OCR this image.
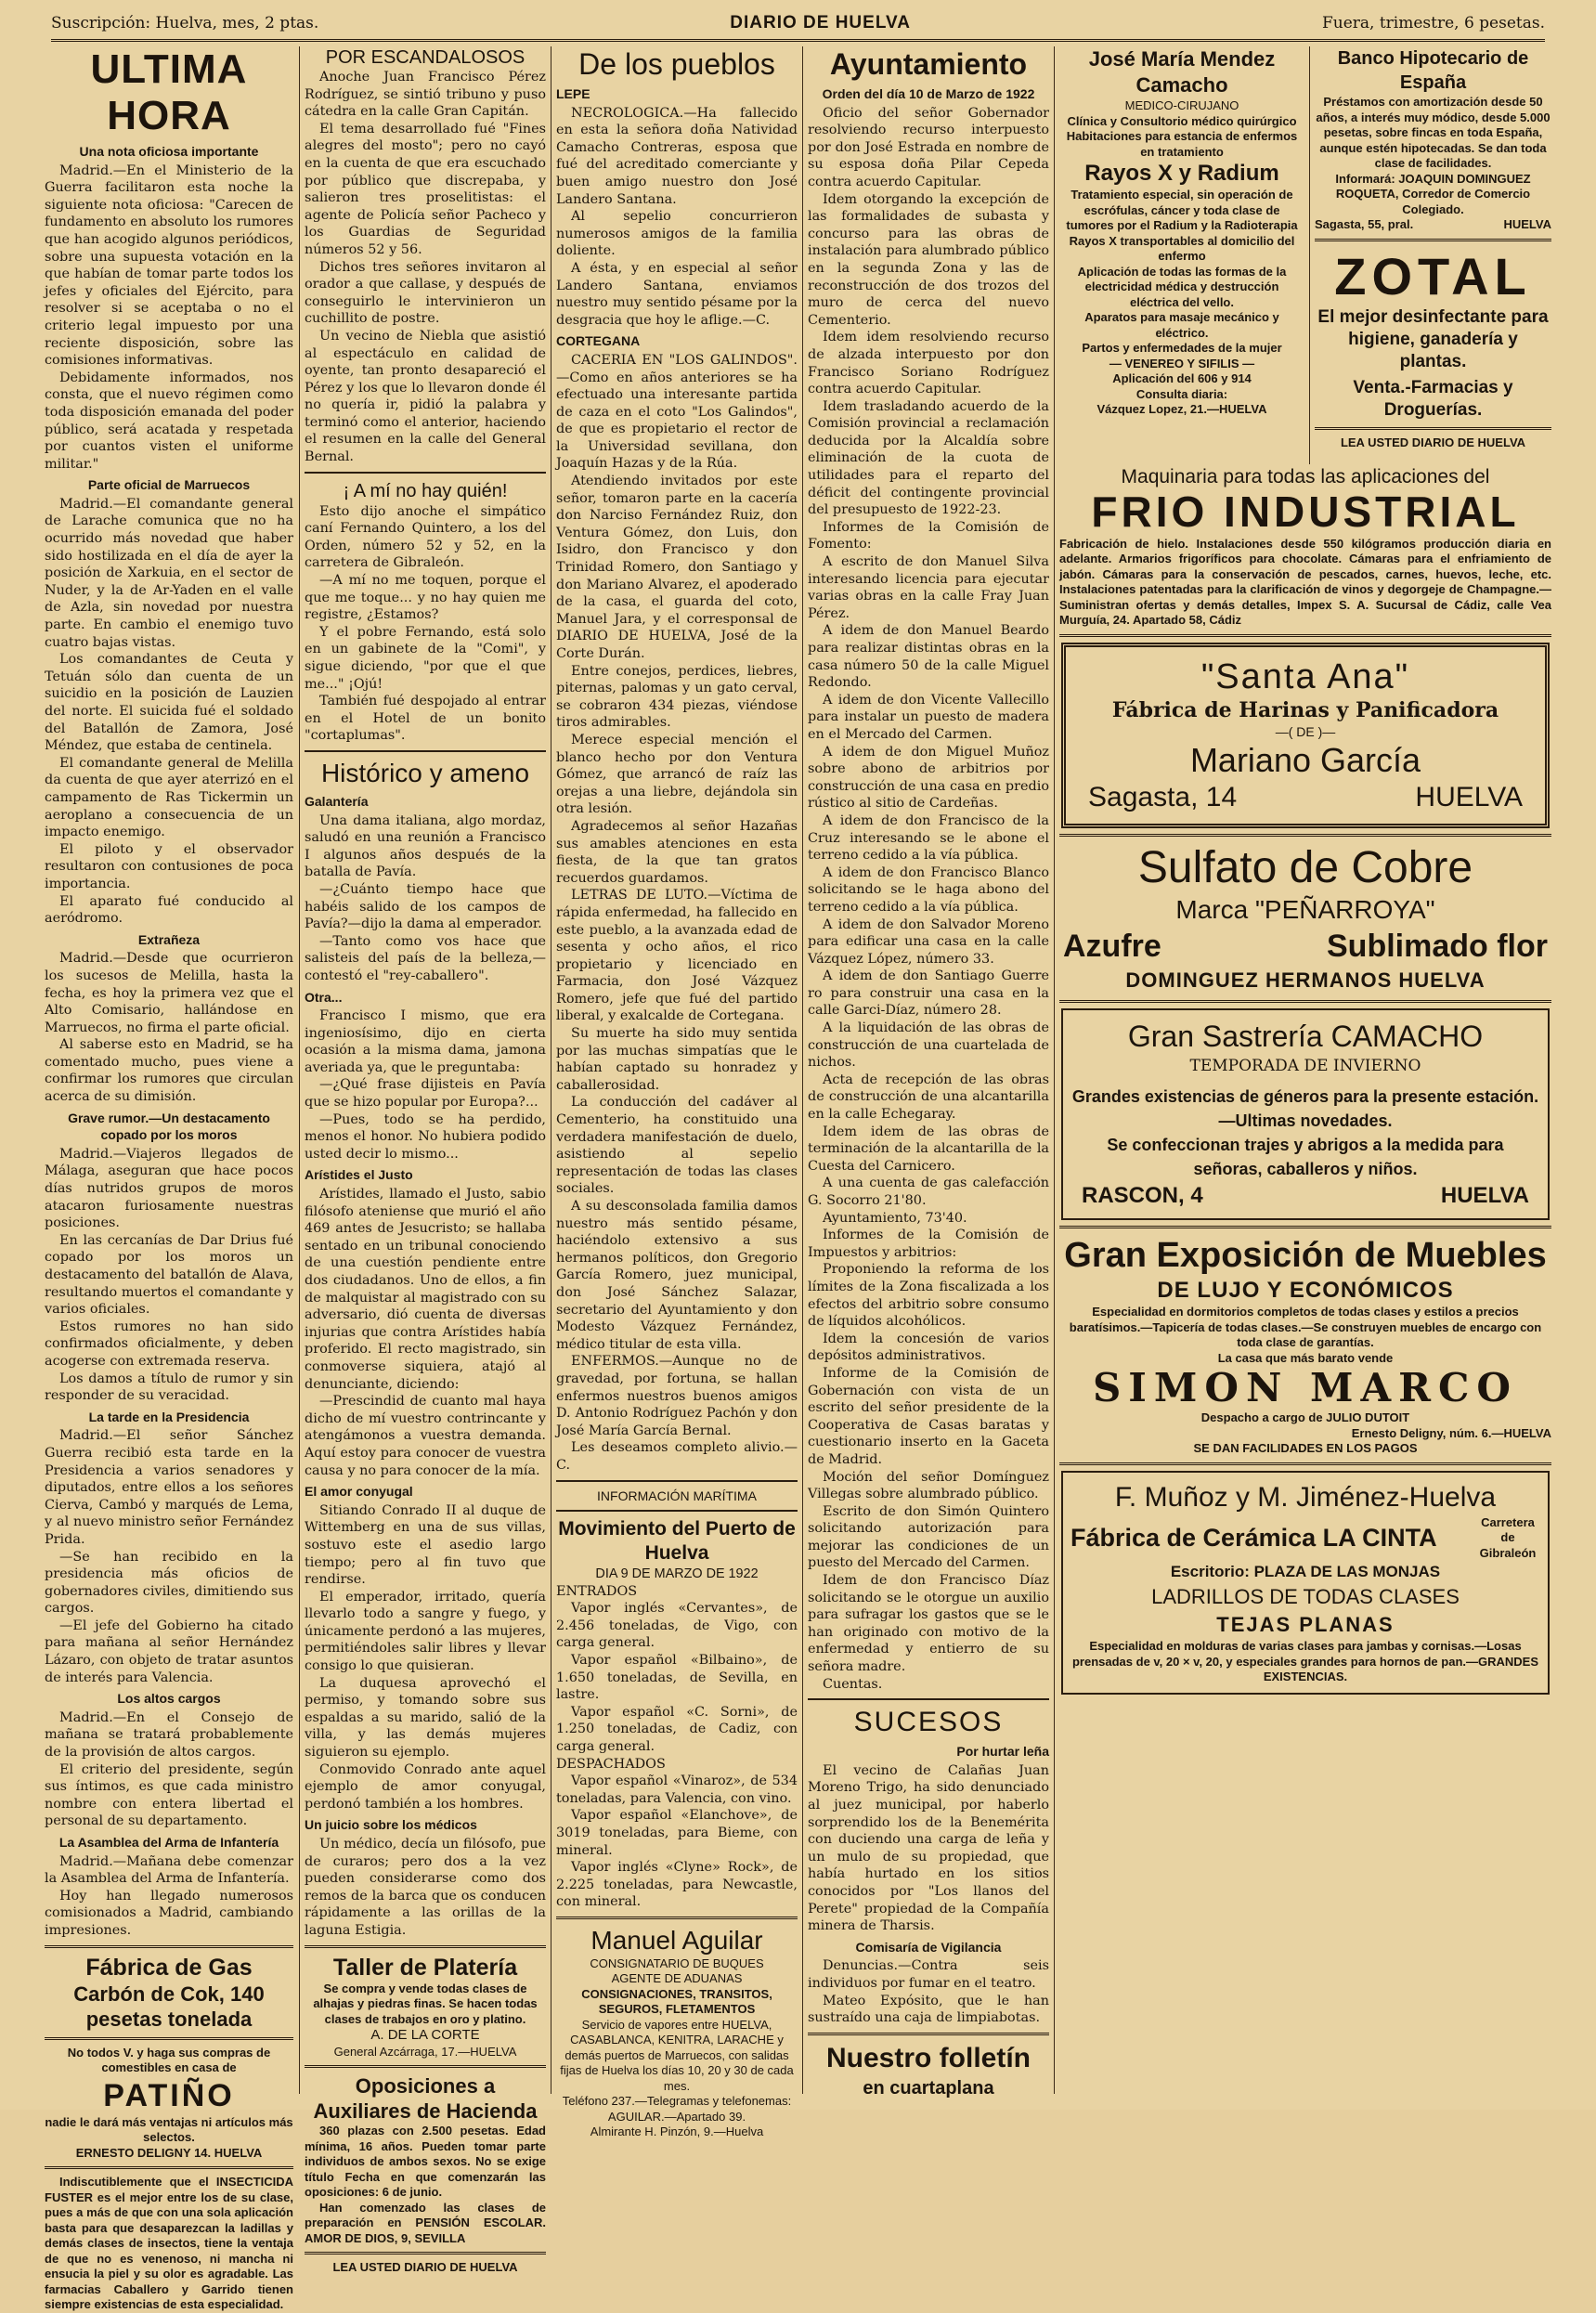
Suscripción: Huelva, mes, 2 ptas.	DIARIO DE HUELVA	Fuera, trimestre, 6 pesetas.
ULTIMA HORA
Una nota oficiosa importante

Madrid.—En el Ministerio de la Guerra facilitaron esta noche la siguiente nota oficiosa: "Carecen de fundamento en absoluto los rumores que han acogido algunos periódicos, sobre una supuesta votación en la que habían de tomar parte todos los jefes y oficiales del Ejército, para resolver si se aceptaba o no el criterio legal impuesto por una reciente disposición, sobre las comisiones informativas.

Debidamente informados, nos consta, que el nuevo régimen como toda disposición emanada del poder público, será acatada y respetada por cuantos visten el uniforme militar."

Parte oficial de Marruecos

Madrid.—El comandante general de Larache comunica que no ha ocurrido más novedad que haber sido hostilizada en el día de ayer la posición de Xarkuia, en el sector de Nuder, y la de Ar-Yaden en el valle de Azla, sin novedad por nuestra parte. En cambio el enemigo tuvo cuatro bajas vistas.

Los comandantes de Ceuta y Tetuán sólo dan cuenta de un suicidio en la posición de Lauzien del norte. El suicida fué el soldado del Batallón de Zamora, José Méndez, que estaba de centinela.

El comandante general de Melilla da cuenta de que ayer aterrizó en el campamento de Ras Tickermin un aeroplano a consecuencia de un impacto enemigo.

El piloto y el observador resultaron con contusiones de poca importancia.

El aparato fué conducido al aeródromo.

Extrañeza

Madrid.—Desde que ocurrieron los sucesos de Melilla, hasta la fecha, es hoy la primera vez que el Alto Comisario, hallándose en Marruecos, no firma el parte oficial.

Al saberse esto en Madrid, se ha comentado mucho, pues viene a confirmar los rumores que circulan acerca de su dimisión.

Grave rumor.—Un destacamento copado por los moros

Madrid.—Viajeros llegados de Málaga, aseguran que hace pocos días nutridos grupos de moros atacaron furiosamente nuestras posiciones.

En las cercanías de Dar Drius fué copado por los moros un destacamento del batallón de Alava, resultando muertos el comandante y varios oficiales.

Estos rumores no han sido confirmados oficialmente, y deben acogerse con extremada reserva.

Los damos a título de rumor y sin responder de su veracidad.

La tarde en la Presidencia

Madrid.—El señor Sánchez Guerra recibió esta tarde en la Presidencia a varios senadores y diputados, entre ellos a los señores Cierva, Cambó y marqués de Lema, y al nuevo ministro señor Fernández Prida.

—Se han recibido en la presidencia más oficios de gobernadores civiles, dimitiendo sus cargos.

—El jefe del Gobierno ha citado para mañana al señor Hernández Lázaro, con objeto de tratar asuntos de interés para Valencia.

Los altos cargos

Madrid.—En el Consejo de mañana se tratará probablemente de la provisión de altos cargos.

El criterio del presidente, según sus íntimos, es que cada ministro nombre con entera libertad el personal de su departamento.

La Asamblea del Arma de Infantería

Madrid.—Mañana debe comenzar la Asamblea del Arma de Infantería.

Hoy han llegado numerosos comisionados a Madrid, cambiando impresiones.

Fábrica de Gas
Carbón de Cok, 140 pesetas tonelada
No todos V. y haga sus compras de comestibles en casa de
PATIÑO
nadie le dará más ventajas ni artículos más selectos.
ERNESTO DELIGNY 14. HUELVA

Indiscutiblemente que el INSECTICIDA FUSTER es el mejor entre los de su clase, pues a más de que con una sola aplicación basta para que desaparezcan la ladillas y demás clases de insectos, tiene la ventaja de que no es venenoso, ni mancha ni ensucia la piel y su olor es agradable. Las farmacias Caballero y Garrido tienen siempre existencias de esta especialidad.

POR ESCANDALOSOS

Anoche Juan Francisco Pérez Rodríguez, se sintió tribuno y puso cátedra en la calle Gran Capitán.

El tema desarrollado fué "Fines alegres del mosto"; pero no cayó en la cuenta de que era escuchado por público que discrepaba, y salieron tres proselitistas: el agente de Policía señor Pacheco y los Guardias de Seguridad números 52 y 56.

Dichos tres señores invitaron al orador a que callase, y después de conseguirlo le intervinieron un cuchillito de postre.

Un vecino de Niebla que asistió al espectáculo en calidad de oyente, tan pronto desapareció el Pérez y los que lo llevaron donde él no quería ir, pidió la palabra y terminó como el anterior, haciendo el resumen en la calle del General Bernal.

¡ A mí no hay quién!

Esto dijo anoche el simpático caní Fernando Quintero, a los del Orden, número 52 y 52, en la carretera de Gibraleón.

—A mí no me toquen, porque el que me toque... y no hay quien me registre, ¿Estamos?

Y el pobre Fernando, está solo en un gabinete de la "Comi", y sigue diciendo, "por que el que me..." ¡Ojú!

También fué despojado al entrar en el Hotel de un bonito "cortaplumas".

Histórico y ameno
Galantería

Una dama italiana, algo mordaz, saludó en una reunión a Francisco I algunos años después de la batalla de Pavía.

—¿Cuánto tiempo hace que habéis salido de los campos de Pavía?—dijo la dama al emperador.

—Tanto como vos hace que salisteis del país de la belleza,—contestó el "rey-caballero".

Otra...

Francisco I mismo, que era ingeniosísimo, dijo en cierta ocasión a la misma dama, jamona averiada ya, que le preguntaba:

—¿Qué frase dijisteis en Pavía que se hizo popular por Europa?...

—Pues, todo se ha perdido, menos el honor. No hubiera podido usted decir lo mismo...

Arístides el Justo

Arístides, llamado el Justo, sabio filósofo ateniense que murió el año 469 antes de Jesucristo; se hallaba sentado en un tribunal conociendo de una cuestión pendiente entre dos ciudadanos. Uno de ellos, a fin de malquistar al magistrado con su adversario, dió cuenta de diversas injurias que contra Arístides había proferido. El recto magistrado, sin conmoverse siquiera, atajó al denunciante, diciendo:

—Prescindid de cuanto mal haya dicho de mí vuestro contrincante y atengámonos a vuestra demanda. Aquí estoy para conocer de vuestra causa y no para conocer de la mía.

El amor conyugal

Sitiando Conrado II al duque de Wittemberg en una de sus villas, sostuvo este el asedio largo tiempo; pero al fin tuvo que rendirse.

El emperador, irritado, quería llevarlo todo a sangre y fuego, y únicamente perdonó a las mujeres, permitiéndoles salir libres y llevar consigo lo que quisieran.

La duquesa aprovechó el permiso, y tomando sobre sus espaldas a su marido, salió de la villa, y las demás mujeres siguieron su ejemplo.

Conmovido Conrado ante aquel ejemplo de amor conyugal, perdonó también a los hombres.

Un juicio sobre los médicos

Un médico, decía un filósofo, pue de curaros; pero dos a la vez pueden considerarse como dos remos de la barca que os conducen rápidamente a las orillas de la laguna Estigia.

Taller de Platería
Se compra y vende todas clases de alhajas y piedras finas. Se hacen todas clases de trabajos en oro y platino.
A. DE LA CORTE
General Azcárraga, 17.—HUELVA
Oposiciones a Auxiliares de Hacienda

360 plazas con 2.500 pesetas. Edad mínima, 16 años. Pueden tomar parte individuos de ambos sexos. No se exige título Fecha en que comenzarán las oposiciones: 6 de junio.

Han comenzado las clases de preparación en PENSIÓN ESCOLAR. AMOR DE DIOS, 9, SEVILLA

LEA USTED DIARIO DE HUELVA
De los pueblos
LEPE

NECROLOGICA.—Ha fallecido en esta la señora doña Natividad Camacho Contreras, esposa que fué del acreditado comerciante y buen amigo nuestro don José Landero Santana.

Al sepelio concurrieron numerosos amigos de la familia doliente.

A ésta, y en especial al señor Landero Santana, enviamos nuestro muy sentido pésame por la desgracia que hoy le aflige.—C.

CORTEGANA

CACERIA EN "LOS GALINDOS".—Como en años anteriores se ha efectuado una interesante partida de caza en el coto "Los Galindos", de que es propietario el rector de la Universidad sevillana, don Joaquín Hazas y de la Rúa.

Atendiendo invitados por este señor, tomaron parte en la cacería don Narciso Fernández Ruiz, don Ventura Gómez, don Luis, don Isidro, don Francisco y don Trinidad Romero, don Santiago y don Mariano Alvarez, el apoderado de la casa, el guarda del coto, Manuel Jara, y el corresponsal de DIARIO DE HUELVA, José de la Corte Durán.

Entre conejos, perdices, liebres, piternas, palomas y un gato cerval, se cobraron 434 piezas, viéndose tiros admirables.

Merece especial mención el blanco hecho por don Ventura Gómez, que arrancó de raíz las orejas a una liebre, dejándola sin otra lesión.

Agradecemos al señor Hazañas sus amables atenciones en esta fiesta, de la que tan gratos recuerdos guardamos.

LETRAS DE LUTO.—Víctima de rápida enfermedad, ha fallecido en este pueblo, a la avanzada edad de sesenta y ocho años, el rico propietario y licenciado en Farmacia, don José Vázquez Romero, jefe que fué del partido liberal, y exalcalde de Cortegana.

Su muerte ha sido muy sentida por las muchas simpatías que le habían captado su honradez y caballerosidad.

La conducción del cadáver al Cementerio, ha constituido una verdadera manifestación de duelo, asistiendo al sepelio representación de todas las clases sociales.

A su desconsolada familia damos nuestro más sentido pésame, haciéndolo extensivo a sus hermanos políticos, don Gregorio García Romero, juez municipal, don José Sánchez Salazar, secretario del Ayuntamiento y don Modesto Vázquez Fernández, médico titular de esta villa.

ENFERMOS.—Aunque no de gravedad, por fortuna, se hallan enfermos nuestros buenos amigos D. Antonio Rodríguez Pachón y don José María García Bernal.

Les deseamos completo alivio.—C.

INFORMACIÓN MARÍTIMA
Movimiento del Puerto de Huelva
DIA 9 DE MARZO DE 1922
ENTRADOS

Vapor inglés «Cervantes», de 2.456 toneladas, de Vigo, con carga general.

Vapor español «Bilbaino», de 1.650 toneladas, de Sevilla, en lastre.

Vapor español «C. Sorni», de 1.250 toneladas, de Cadiz, con carga general.

DESPACHADOS

Vapor español «Vinaroz», de 534 toneladas, para Valencia, con vino.

Vapor español «Elanchove», de 3019 toneladas, para Bieme, con mineral.

Vapor inglés «Clyne» Rock», de 2.225 toneladas, para Newcastle, con mineral.

Manuel Aguilar
CONSIGNATARIO DE BUQUES
AGENTE DE ADUANAS
CONSIGNACIONES, TRANSITOS, SEGUROS, FLETAMENTOS
Servicio de vapores entre HUELVA, CASABLANCA, KENITRA, LARACHE y demás puertos de Marruecos, con salidas fijas de Huelva los días 10, 20 y 30 de cada mes.
Teléfono 237.—Telegramas y telefonemas: AGUILAR.—Apartado 39.
Almirante H. Pinzón, 9.—Huelva
Ayuntamiento
Orden del día 10 de Marzo de 1922

Oficio del señor Gobernador resolviendo recurso interpuesto por don José Estrada en nombre de su esposa doña Pilar Cepeda contra acuerdo Capitular.

Idem otorgando la excepción de las formalidades de subasta y concurso para las obras de instalación para alumbrado público en la segunda Zona y las de reconstrucción de dos trozos del muro de cerca del nuevo Cementerio.

Idem idem resolviendo recurso de alzada interpuesto por don Francisco Soriano Rodríguez contra acuerdo Capitular.

Idem trasladando acuerdo de la Comisión provincial a reclamación deducida por la Alcaldía sobre eliminación de la cuota de utilidades para el reparto del déficit del contingente provincial del presupuesto de 1922-23.

Informes de la Comisión de Fomento:

A escrito de don Manuel Silva interesando licencia para ejecutar varias obras en la calle Fray Juan Pérez.

A idem de don Manuel Beardo para realizar distintas obras en la casa número 50 de la calle Miguel Redondo.

A idem de don Vicente Vallecillo para instalar un puesto de madera en el Mercado del Carmen.

A idem de don Miguel Muñoz sobre abono de arbitrios por construcción de una casa en predio rústico al sitio de Cardeñas.

A idem de don Francisco de la Cruz interesando se le abone el terreno cedido a la vía pública.

A idem de don Francisco Blanco solicitando se le haga abono del terreno cedido a la vía pública.

A idem de don Salvador Moreno para edificar una casa en la calle Vázquez López, número 33.

A idem de don Santiago Guerre ro para construir una casa en la calle Garci-Díaz, número 28.

A la liquidación de las obras de construcción de una cuartelada de nichos.

Acta de recepción de las obras de construcción de una alcantarilla en la calle Echegaray.

Idem idem de las obras de terminación de la alcantarilla de la Cuesta del Carnicero.

A una cuenta de gas calefacción G. Socorro 21'80.

Ayuntamiento, 73'40.

Informes de la Comisión de Impuestos y arbitrios:

Proponiendo la reforma de los límites de la Zona fiscalizada a los efectos del arbitrio sobre consumo de líquidos alcohólicos.

Idem la concesión de varios depósitos administrativos.

Informe de la Comisión de Gobernación con vista de un escrito del señor presidente de la Cooperativa de Casas baratas y cuestionario inserto en la Gaceta de Madrid.

Moción del señor Domínguez Villegas sobre alumbrado público.

Escrito de don Simón Quintero solicitando autorización para mejorar las condiciones de un puesto del Mercado del Carmen.

Idem de don Francisco Díaz solicitando se le otorgue un auxilio para sufragar los gastos que se le han originado con motivo de la enfermedad y entierro de su señora madre.

Cuentas.

SUCESOS
Por hurtar leña

El vecino de Calañas Juan Moreno Trigo, ha sido denunciado al juez municipal, por haberlo sorprendido los de la Benemérita con duciendo una carga de leña y un mulo de su propiedad, que había hurtado en los sitios conocidos por "Los llanos del Perete" propiedad de la Compañía minera de Tharsis.

Comisaría de Vigilancia

Denuncias.—Contra seis individuos por fumar en el teatro.

Mateo Expósito, que le han sustraído una caja de limpiabotas.

Nuestro folletín
en cuartaplana
José María Mendez Camacho
MEDICO-CIRUJANO
Clínica y Consultorio médico quirúrgico
Habitaciones para estancia de enfermos en tratamiento
Rayos X y Radium
Tratamiento especial, sin operación de escrófulas, cáncer y toda clase de tumores por el Radium y la Radioterapia
Rayos X transportables al domicilio del enfermo
Aplicación de todas las formas de la electricidad médica y destrucción eléctrica del vello.
Aparatos para masaje mecánico y eléctrico.
Partos y enfermedades de la mujer
— VENEREO Y SIFILIS —
Aplicación del 606 y 914
Consulta diaria:
Vázquez Lopez, 21.—HUELVA
Banco Hipotecario de España
Préstamos con amortización desde 50 años, a interés muy módico, desde 5.000 pesetas, sobre fincas en toda España, aunque estén hipotecadas. Se dan toda clase de facilidades.
Informará: JOAQUIN DOMINGUEZ ROQUETA, Corredor de Comercio Colegiado.
Sagasta, 55, pral.	HUELVA
ZOTAL
El mejor desinfectante para higiene, ganadería y plantas.
Venta.-Farmacias y Droguerías.
LEA USTED DIARIO DE HUELVA
Maquinaria para todas las aplicaciones del
FRIO INDUSTRIAL

Fabricación de hielo. Instalaciones desde 550 kilógramos producción diaria en adelante. Armarios frigoríficos para chocolate. Cámaras para el enfriamiento de jabón. Cámaras para la conservación de pescados, carnes, huevos, leche, etc. Instalaciones patentadas para la clarificación de vinos y degorgeje de Champagne.—Suministran ofertas y demás detalles, Impex S. A. Sucursal de Cádiz, calle Vea Murguía, 24. Apartado 58, Cádiz

"Santa Ana"
Fábrica de Harinas y Panificadora
—( DE )—
Mariano García
Sagasta, 14	HUELVA
Sulfato de Cobre
Marca "PEÑARROYA"
Azufre	Sublimado flor
DOMINGUEZ HERMANOS HUELVA
Gran Sastrería CAMACHO
TEMPORADA DE INVIERNO
Grandes existencias de géneros para la presente estación.—Ultimas novedades.
Se confeccionan trajes y abrigos a la medida para señoras, caballeros y niños.
RASCON, 4	HUELVA
Gran Exposición de Muebles
DE LUJO Y ECONÓMICOS

Especialidad en dormitorios completos de todas clases y estilos a precios baratísimos.—Tapicería de todas clases.—Se construyen muebles de encargo con toda clase de garantías.

La casa que más barato vende
SIMON MARCO
Despacho a cargo de JULIO DUTOIT
Ernesto Deligny, núm. 6.—HUELVA
SE DAN FACILIDADES EN LOS PAGOS
F. Muñoz y M. Jiménez-Huelva
Fábrica de Cerámica LA CINTA
Carretera de Gibraleón
Escritorio: PLAZA DE LAS MONJAS
LADRILLOS DE TODAS CLASES
TEJAS PLANAS
Especialidad en molduras de varias clases para jambas y cornisas.—Losas prensadas de v, 20 × v, 20, y especiales grandes para hornos de pan.—GRANDES EXISTENCIAS.
